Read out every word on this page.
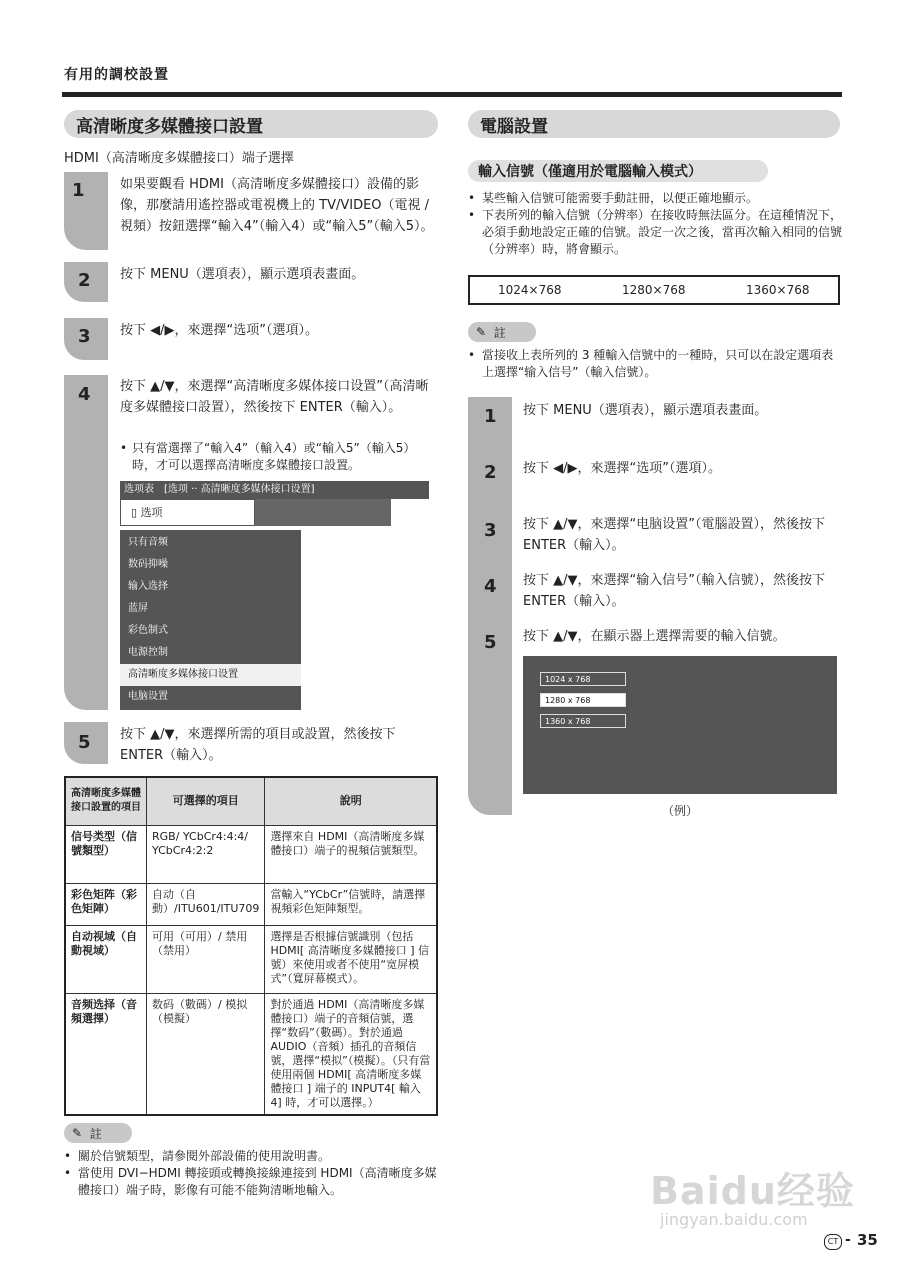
有用的調校設置
高清晰度多媒體接口設置
HDMI（高清晰度多媒體接口）端子選擇
1	如果要觀看 HDMI（高清晰度多媒體接口）設備的影像，那麼請用遙控器或電視機上的 TV/VIDEO（電視 / 視頻）按鈕選擇“輸入4”（輸入4）或“輸入5”（輸入5）。
2 按下 MENU（選項表），顯示選項表畫面。
3 按下 ◀/▶，來選擇“选项”（選項）。
4 按下 ▲/▼，來選擇“高清晰度多媒体接口设置”（高清晰度多媒體接口設置），然後按下 ENTER（輸入）。
• 只有當選擇了“輸入4”（輸入4）或“輸入5”（輸入5）時，才可以選擇高清晰度多媒體接口設置。
选项表　[选项 ·· 高清晰度多媒体接口设置]
▯ 选项
只有音频
数码抑噪
输入选择
蓝屏
彩色制式
电源控制
高清晰度多媒体接口设置
电脑设置
5 按下 ▲/▼，來選擇所需的項目或設置，然後按下 ENTER（輸入）。
高清晰度多媒體接口設置的項目	可選擇的項目	說明
信号类型（信號類型）	RGB/ YCbCr4:4:4/ YCbCr4:2:2	選擇來自 HDMI（高清晰度多媒體接口）端子的視頻信號類型。
彩色矩阵（彩色矩陣）	自动（自動）/ITU601/ITU709	當輸入“YCbCr”信號時，請選擇視頻彩色矩陣類型。
自动视域（自動視域）	可用（可用）/ 禁用（禁用）	選擇是否根據信號識別（包括 HDMI[ 高清晰度多媒體接口 ] 信號）來使用或者不使用“宽屏模式”（寬屏幕模式）。
音频选择（音頻選擇）	数码（數碼）/ 模拟（模擬）	對於通過 HDMI（高清晰度多媒體接口）端子的音頻信號，選擇“数码”（數碼）。對於通過 AUDIO（音頻）插孔的音頻信號，選擇“模拟”（模擬）。（只有當使用兩個 HDMI[ 高清晰度多媒體接口 ] 端子的 INPUT4[ 輸入4] 時，才可以選擇。）
✎
註
• 關於信號類型，請參閱外部設備的使用說明書。
• 當使用 DVI−HDMI 轉接頭或轉換接線連接到 HDMI（高清晰度多媒體接口）端子時，影像有可能不能夠清晰地輸入。
電腦設置
輸入信號（僅適用於電腦輸入模式）
• 某些輸入信號可能需要手動註冊，以便正確地顯示。
• 下表所列的輸入信號（分辨率）在接收時無法區分。在這種情況下，必須手動地設定正確的信號。設定一次之後，當再次輸入相同的信號（分辨率）時，將會顯示。
1024×768	1280×768	1360×768
✎
註
• 當接收上表所列的 3 種輸入信號中的一種時，只可以在設定選項表上選擇“输入信号”（輸入信號）。
1 按下 MENU（選項表），顯示選項表畫面。
2 按下 ◀/▶，來選擇“选项”（選項）。
3 按下 ▲/▼，來選擇“电脑设置”（電腦設置），然後按下 ENTER（輸入）。
4 按下 ▲/▼，來選擇“输入信号”（輸入信號），然後按下 ENTER（輸入）。
5 按下 ▲/▼，在顯示器上選擇需要的輸入信號。
1024 x 768
1280 x 768
1360 x 768
（例）
Baidu经验
jingyan.baidu.com
CT - 35
